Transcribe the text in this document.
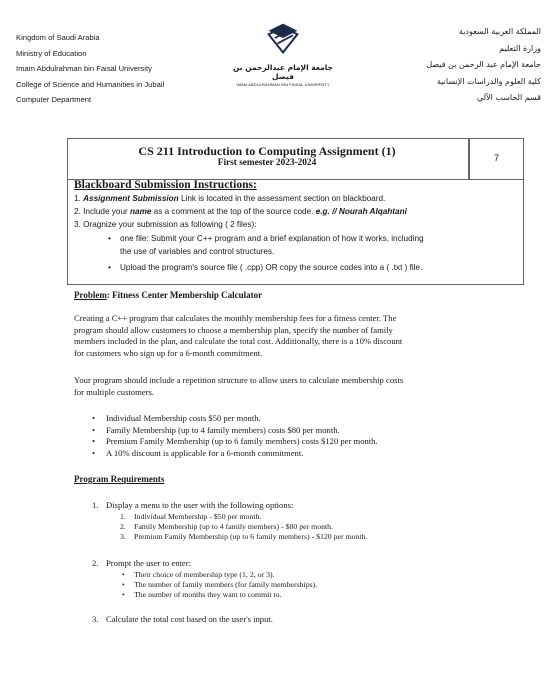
Kingdom of Saudi Arabia
Ministry of Education
Imam Abdulrahman bin Faisal University
College of Science and Humanities in Jubail
Computer Department
جامعة الإمام عبدالرحمن بن فيصل
IMAM ABDULRAHMAN BIN FAISAL UNIVERSITY
المملكة العربية السعودية
وزارة التعليم
جامعة الإمام عبد الرحمن بن فيصل
كلية العلوم والدراسات الإنسانية
قسم الحاسب الآلي
7
CS 211 Introduction to Computing Assignment (1)
First semester 2023-2024
Blackboard Submission Instructions:
1. Assignment Submission Link is located in the assessment section on blackboard.
2. Include your name as a comment at the top of the source code. e.g. // Nourah Alqahtani
3. Oragnize your submission as following ( 2 files):
• one file: Submit your C++ program and a brief explanation of how it works, including
the use of variables and control structures.
• Upload the program's source file ( .cpp) OR copy the source codes into a ( .txt ) file.
Problem: Fitness Center Membership Calculator
Creating a C++ program that calculates the monthly membership fees for a fitness center. The
program should allow customers to choose a membership plan, specify the number of family
members included in the plan, and calculate the total cost. Additionally, there is a 10% discount
for customers who sign up for a 6-month commitment.
Your program should include a repetition structure to allow users to calculate membership costs
for multiple customers.
•
•
•
•
Individual Membership costs $50 per month.
Family Membership (up to 4 family members) costs $80 per month.
Premium Family Membership (up to 6 family members) costs $120 per month.
A 10% discount is applicable for a 6-month commitment.
Program Requirements
1. Display a menu to the user with the following options:
1.
2.
3.
Individual Membership - $50 per month.
Family Membership (up to 4 family members) - $80 per month.
Premium Family Membership (up to 6 family members) - $120 per month.
2. Prompt the user to enter:
•
•
•
Their choice of membership type (1, 2, or 3).
The number of family members (for family memberships).
The number of months they want to commit to.
3. Calculate the total cost based on the user's input.
